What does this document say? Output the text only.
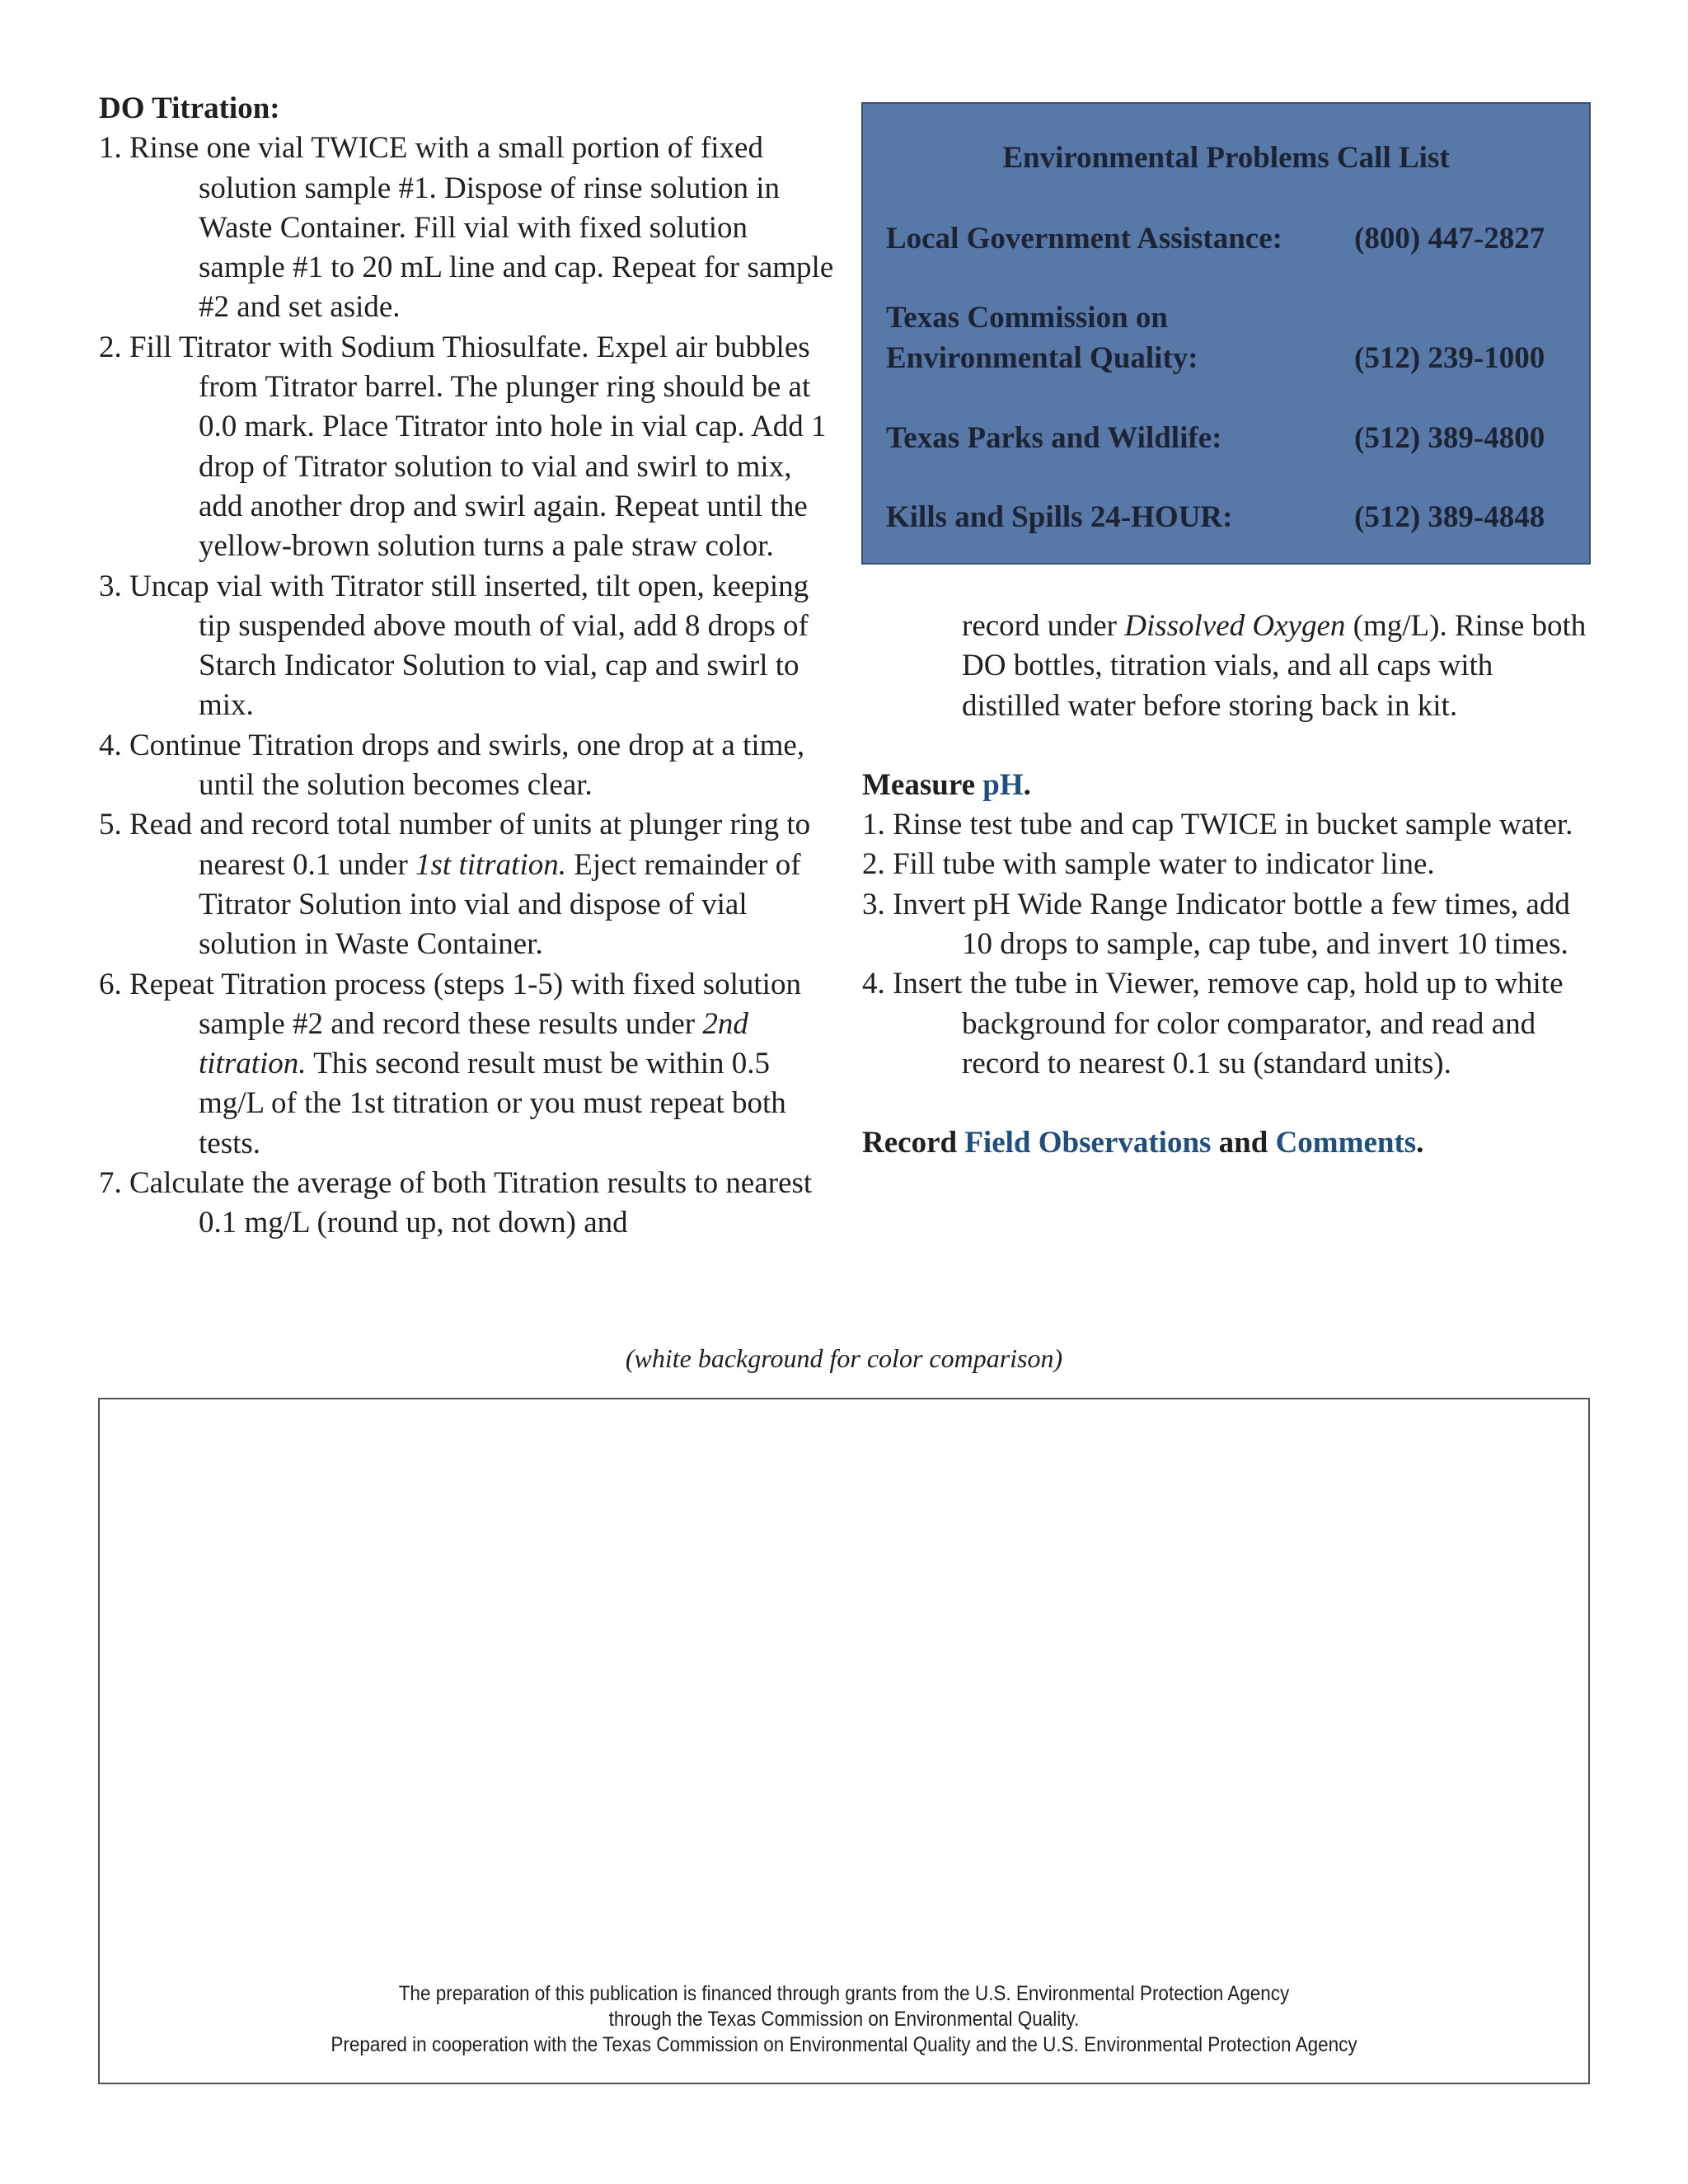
DO Titration:
1. Rinse one vial TWICE with a small portion of fixed solution sample #1. Dispose of rinse solution in Waste Container. Fill vial with fixed solution sample #1 to 20 mL line and cap. Repeat for sample #2 and set aside.
2. Fill Titrator with Sodium Thiosulfate. Expel air bubbles from Titrator barrel. The plunger ring should be at 0.0 mark. Place Titrator into hole in vial cap. Add 1 drop of Titrator solution to vial and swirl to mix, add another drop and swirl again. Repeat until the yellow-brown solution turns a pale straw color.
3. Uncap vial with Titrator still inserted, tilt open, keeping tip suspended above mouth of vial, add 8 drops of Starch Indicator Solution to vial, cap and swirl to mix.
4. Continue Titration drops and swirls, one drop at a time, until the solution becomes clear.
5. Read and record total number of units at plunger ring to nearest 0.1 under 1st titration. Eject remainder of Titrator Solution into vial and dispose of vial solution in Waste Container.
6. Repeat Titration process (steps 1-5) with fixed solution sample #2 and record these results under 2nd titration. This second result must be within 0.5 mg/L of the 1st titration or you must repeat both tests.
7. Calculate the average of both Titration results to nearest 0.1 mg/L (round up, not down) and
Environmental Problems Call List
Local Government Assistance:	(800) 447-2827
Texas Commission on Environmental Quality:	(512) 239-1000
Texas Parks and Wildlife:	(512) 389-4800
Kills and Spills 24-HOUR:	(512) 389-4848
record under Dissolved Oxygen (mg/L). Rinse both DO bottles, titration vials, and all caps with distilled water before storing back in kit.
Measure pH.
1. Rinse test tube and cap TWICE in bucket sample water.
2. Fill tube with sample water to indicator line.
3. Invert pH Wide Range Indicator bottle a few times, add 10 drops to sample, cap tube, and invert 10 times.
4. Insert the tube in Viewer, remove cap, hold up to white background for color comparator, and read and record to nearest 0.1 su (standard units).
Record Field Observations and Comments.
(white background for color comparison)
The preparation of this publication is financed through grants from the U.S. Environmental Protection Agency
through the Texas Commission on Environmental Quality.
Prepared in cooperation with the Texas Commission on Environmental Quality and the U.S. Environmental Protection Agency
